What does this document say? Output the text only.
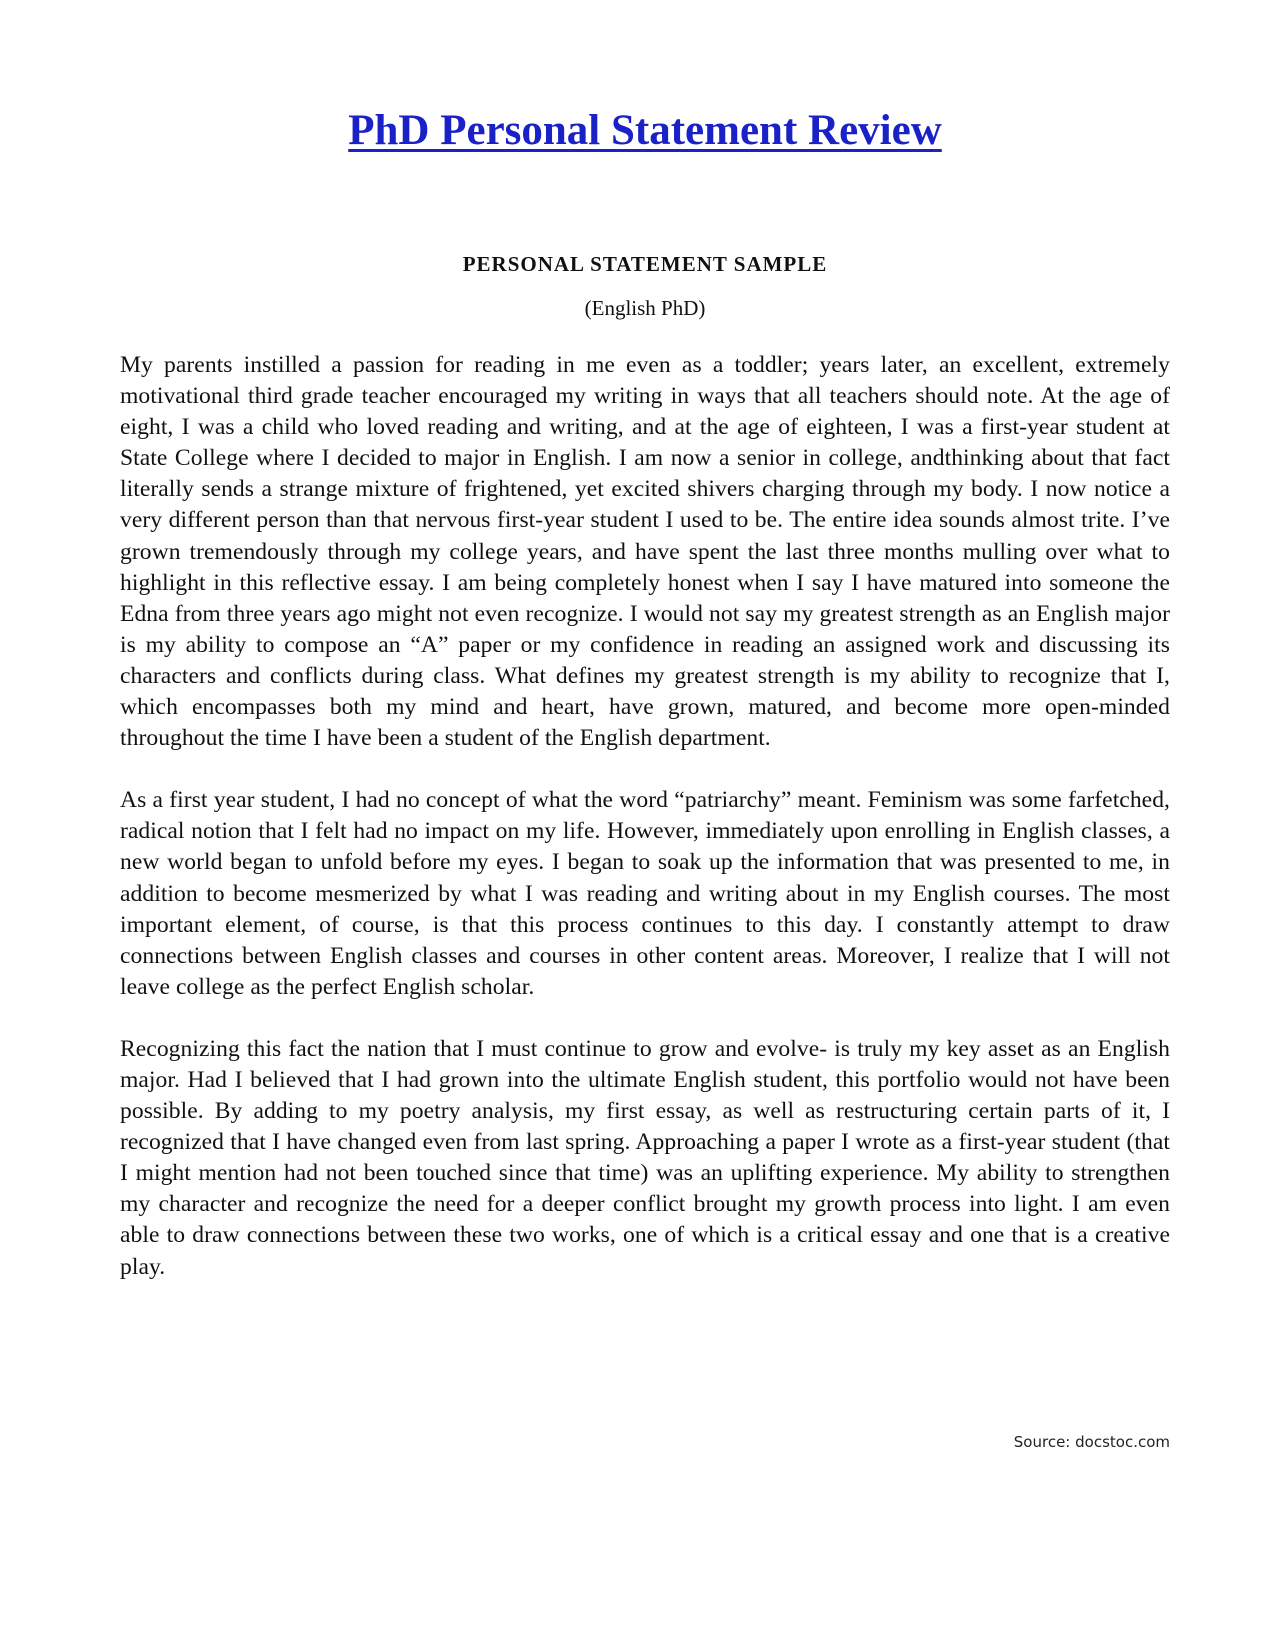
PhD Personal Statement Review
PERSONAL STATEMENT SAMPLE
(English PhD)

My parents instilled a passion for reading in me even as a toddler; years later, an excellent, extremely motivational third grade teacher encouraged my writing in ways that all teachers should note. At the age of eight, I was a child who loved reading and writing, and at the age of eighteen, I was a first-year student at State College where I decided to major in English. I am now a senior in college, andthinking about that fact literally sends a strange mixture of frightened, yet excited shivers charging through my body. I now notice a very different person than that nervous first-year student I used to be. The entire idea sounds almost trite. I’ve grown tremendously through my college years, and have spent the last three months mulling over what to highlight in this reflective essay. I am being completely honest when I say I have matured into someone the Edna from three years ago might not even recognize. I would not say my greatest strength as an English major is my ability to compose an “A” paper or my confidence in reading an assigned work and discussing its characters and conflicts during class. What defines my greatest strength is my ability to recognize that I, which encompasses both my mind and heart, have grown, matured, and become more open-minded throughout the time I have been a student of the English department.

As a first year student, I had no concept of what the word “patriarchy” meant. Feminism was some farfetched, radical notion that I felt had no impact on my life. However, immediately upon enrolling in English classes, a new world began to unfold before my eyes. I began to soak up the information that was presented to me, in addition to become mesmerized by what I was reading and writing about in my English courses. The most important element, of course, is that this process continues to this day. I constantly attempt to draw connections between English classes and courses in other content areas. Moreover, I realize that I will not leave college as the perfect English scholar.

Recognizing this fact the nation that I must continue to grow and evolve- is truly my key asset as an English major. Had I believed that I had grown into the ultimate English student, this portfolio would not have been possible. By adding to my poetry analysis, my first essay, as well as restructuring certain parts of it, I recognized that I have changed even from last spring. Approaching a paper I wrote as a first-year student (that I might mention had not been touched since that time) was an uplifting experience. My ability to strengthen my character and recognize the need for a deeper conflict brought my growth process into light. I am even able to draw connections between these two works, one of which is a critical essay and one that is a creative play.

Source: docstoc.com
